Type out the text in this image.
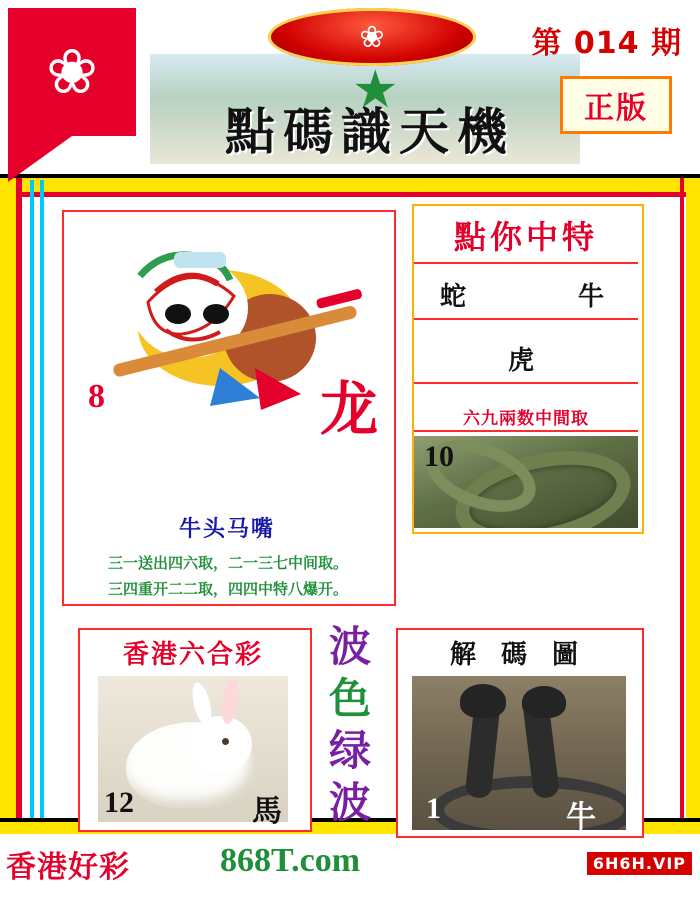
❀	❀
★
點碼識天機
第 014 期
正版
8	龙
牛头马嘴
三一送出四六取，二一三七中间取。
三四重开二二取，四四中特八爆开。
點你中特
蛇	牛
虎
六九兩数中間取
10
香港六合彩
12	馬
波
色
绿
波
解 碼 圖
1	牛
香港好彩	868T.com	6H6H.VIP
